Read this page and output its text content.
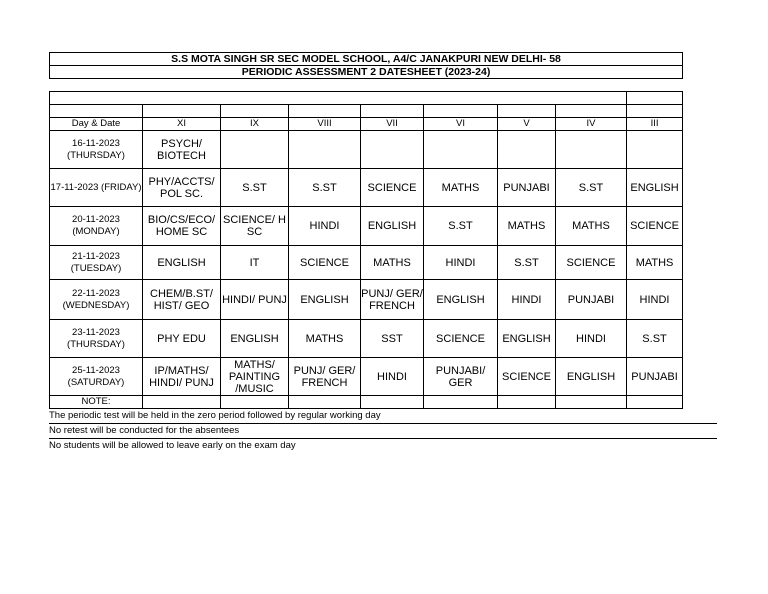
S.S MOTA SINGH SR SEC MODEL SCHOOL, A4/C JANAKPURI NEW DELHI- 58								
PERIODIC ASSESSMENT 2 DATESHEET (2023-24)								

Day & Date	XI	IX	VIII	VII	VI	V	IV	III

16-11-2023
(THURSDAY)	PSYCH/ BIOTECH							
17-11-2023 (FRIDAY)	PHY/ACCTS/ POL SC.	S.ST	S.ST	SCIENCE	MATHS	PUNJABI	S.ST	ENGLISH

20-11-2023
(MONDAY)	BIO/CS/ECO/ HOME SC	SCIENCE/ H SC	HINDI	ENGLISH	S.ST	MATHS	MATHS	SCIENCE

21-11-2023
(TUESDAY)	ENGLISH	IT	SCIENCE	MATHS	HINDI	S.ST	SCIENCE	MATHS

22-11-2023
(WEDNESDAY)	CHEM/B.ST/ HIST/ GEO	HINDI/ PUNJ	ENGLISH	PUNJ/ GER/ FRENCH	ENGLISH	HINDI	PUNJABI	HINDI

23-11-2023
(THURSDAY)	PHY EDU	ENGLISH	MATHS	SST	SCIENCE	ENGLISH	HINDI	S.ST

25-11-2023
(SATURDAY)	IP/MATHS/ HINDI/ PUNJ	MATHS/ PAINTING /MUSIC	PUNJ/ GER/ FRENCH	HINDI	PUNJABI/ GER	SCIENCE	ENGLISH	PUNJABI
NOTE:								
The periodic test will be held in the zero period followed by regular working day
No retest will be conducted for the absentees
No students will be allowed to leave early on the exam day
